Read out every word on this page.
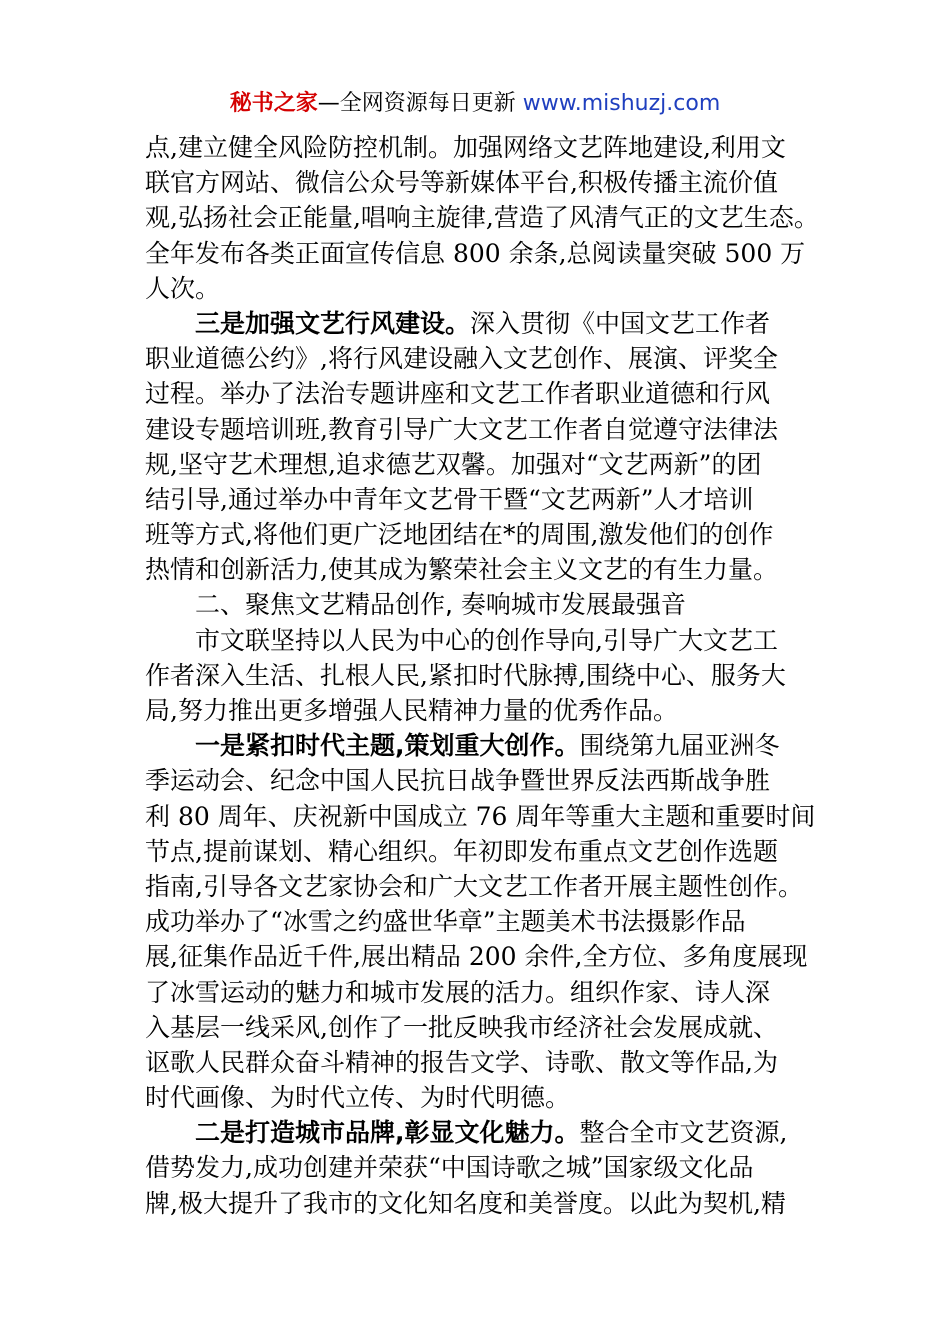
秘书之家—全网资源每日更新 www.mishuzj.com
点,建立健全风险防控机制。加强网络文艺阵地建设,利用文
联官方网站、微信公众号等新媒体平台,积极传播主流价值
观,弘扬社会正能量,唱响主旋律,营造了风清气正的文艺生态。
全年发布各类正面宣传信息 800 余条,总阅读量突破 500 万
人次。
三是加强文艺行风建设。深入贯彻《中国文艺工作者
职业道德公约》,将行风建设融入文艺创作、展演、评奖全
过程。举办了法治专题讲座和文艺工作者职业道德和行风
建设专题培训班,教育引导广大文艺工作者自觉遵守法律法
规,坚守艺术理想,追求德艺双馨。加强对“文艺两新”的团
结引导,通过举办中青年文艺骨干暨“文艺两新”人才培训
班等方式,将他们更广泛地团结在*的周围,激发他们的创作
热情和创新活力,使其成为繁荣社会主义文艺的有生力量。
二、聚焦文艺精品创作, 奏响城市发展最强音
市文联坚持以人民为中心的创作导向,引导广大文艺工
作者深入生活、扎根人民,紧扣时代脉搏,围绕中心、服务大
局,努力推出更多增强人民精神力量的优秀作品。
一是紧扣时代主题,策划重大创作。围绕第九届亚洲冬
季运动会、纪念中国人民抗日战争暨世界反法西斯战争胜
利 80 周年、庆祝新中国成立 76 周年等重大主题和重要时间
节点,提前谋划、精心组织。年初即发布重点文艺创作选题
指南,引导各文艺家协会和广大文艺工作者开展主题性创作。
成功举办了“冰雪之约盛世华章”主题美术书法摄影作品
展,征集作品近千件,展出精品 200 余件,全方位、多角度展现
了冰雪运动的魅力和城市发展的活力。组织作家、诗人深
入基层一线采风,创作了一批反映我市经济社会发展成就、
讴歌人民群众奋斗精神的报告文学、诗歌、散文等作品,为
时代画像、为时代立传、为时代明德。
二是打造城市品牌,彰显文化魅力。整合全市文艺资源,
借势发力,成功创建并荣获“中国诗歌之城”国家级文化品
牌,极大提升了我市的文化知名度和美誉度。以此为契机,精
